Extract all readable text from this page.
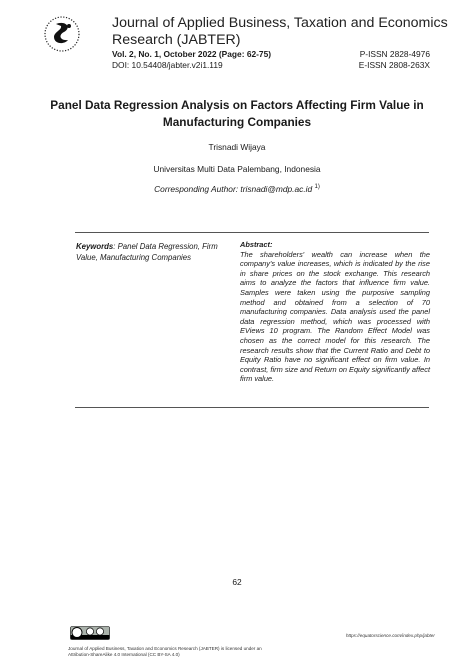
Journal of Applied Business, Taxation and Economics Research (JABTER)
Vol. 2, No. 1, October 2022 (Page: 62-75)	P-ISSN 2828-4976
DOI: 10.54408/jabter.v2i1.119	E-ISSN 2808-263X
Panel Data Regression Analysis on Factors Affecting Firm Value in Manufacturing Companies
Trisnadi Wijaya
Universitas Multi Data Palembang, Indonesia
Corresponding Author: trisnadi@mdp.ac.id $^{1)}$
Keywords: Panel Data Regression, Firm Value, Manufacturing Companies
Abstract:
The shareholders' wealth can increase when the company's value increases, which is indicated by the rise in share prices on the stock exchange. This research aims to analyze the factors that influence firm value. Samples were taken using the purposive sampling method and obtained from a selection of 70 manufacturing companies. Data analysis used the panel data regression method, which was processed with EViews 10 program. The Random Effect Model was chosen as the correct model for this research. The research results show that the Current Ratio and Debt to Equity Ratio have no significant effect on firm value. In contrast, firm size and Return on Equity significantly affect firm value.
62
Journal of Applied Business, Taxation and Economics Research (JABTER) is licensed under an Attribution-ShareAlike 4.0 International (CC BY-SA 4.0)
https://equatorscience.com/index.php/jabter
